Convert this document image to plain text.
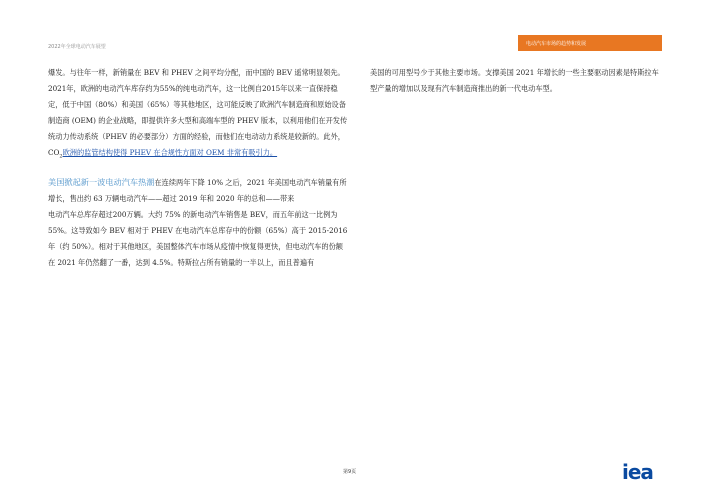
2022年全球电动汽车展望	电动汽车市场的趋势和发展

爆发。与往年一样，新销量在 BEV 和 PHEV 之间平均分配，而中国的 BEV 遥常明显领先。 2021年，欧洲的电动汽车库存约为55%的纯电动汽车，这一比例自2015年以来一直保持稳定，低于中国（80%）和美国（65%）等其他地区，这可能反映了欧洲汽车制造商和原始设备制造商 (OEM) 的企业战略，即提供许多大型和高端车型的 PHEV 版本，以利用他们在开发传统动力传动系统（PHEV 的必要部分）方面的经验，而他们在电动动力系统是较新的。此外，$CO_2$欧洲的监管结构使得 PHEV 在合规性方面对 OEM 非常有吸引力。

美国掀起新一波电动汽车热潮在连续两年下降 10% 之后，2021 年美国电动汽车销量有所增长，售出约 63 万辆电动汽车——超过 2019 年和 2020 年的总和——带来

电动汽车总库存超过200万辆。大约 75% 的新电动汽车销售是 BEV，而五年前这一比例为 55%。这导致如今 BEV 相对于 PHEV 在电动汽车总库存中的份额（65%）高于 2015-2016 年（约 50%）。相对于其他地区，美国整体汽车市场从疫情中恢复得更快，但电动汽车的份额在 2021 年仍然翻了一番，达到 4.5%。特斯拉占所有销量的一半以上，而且普遍有

美国的可用型号少于其他主要市场。支撑美国 2021 年增长的一些主要驱动因素是特斯拉车型产量的增加以及现有汽车制造商推出的新一代电动车型。

第9页	iea
